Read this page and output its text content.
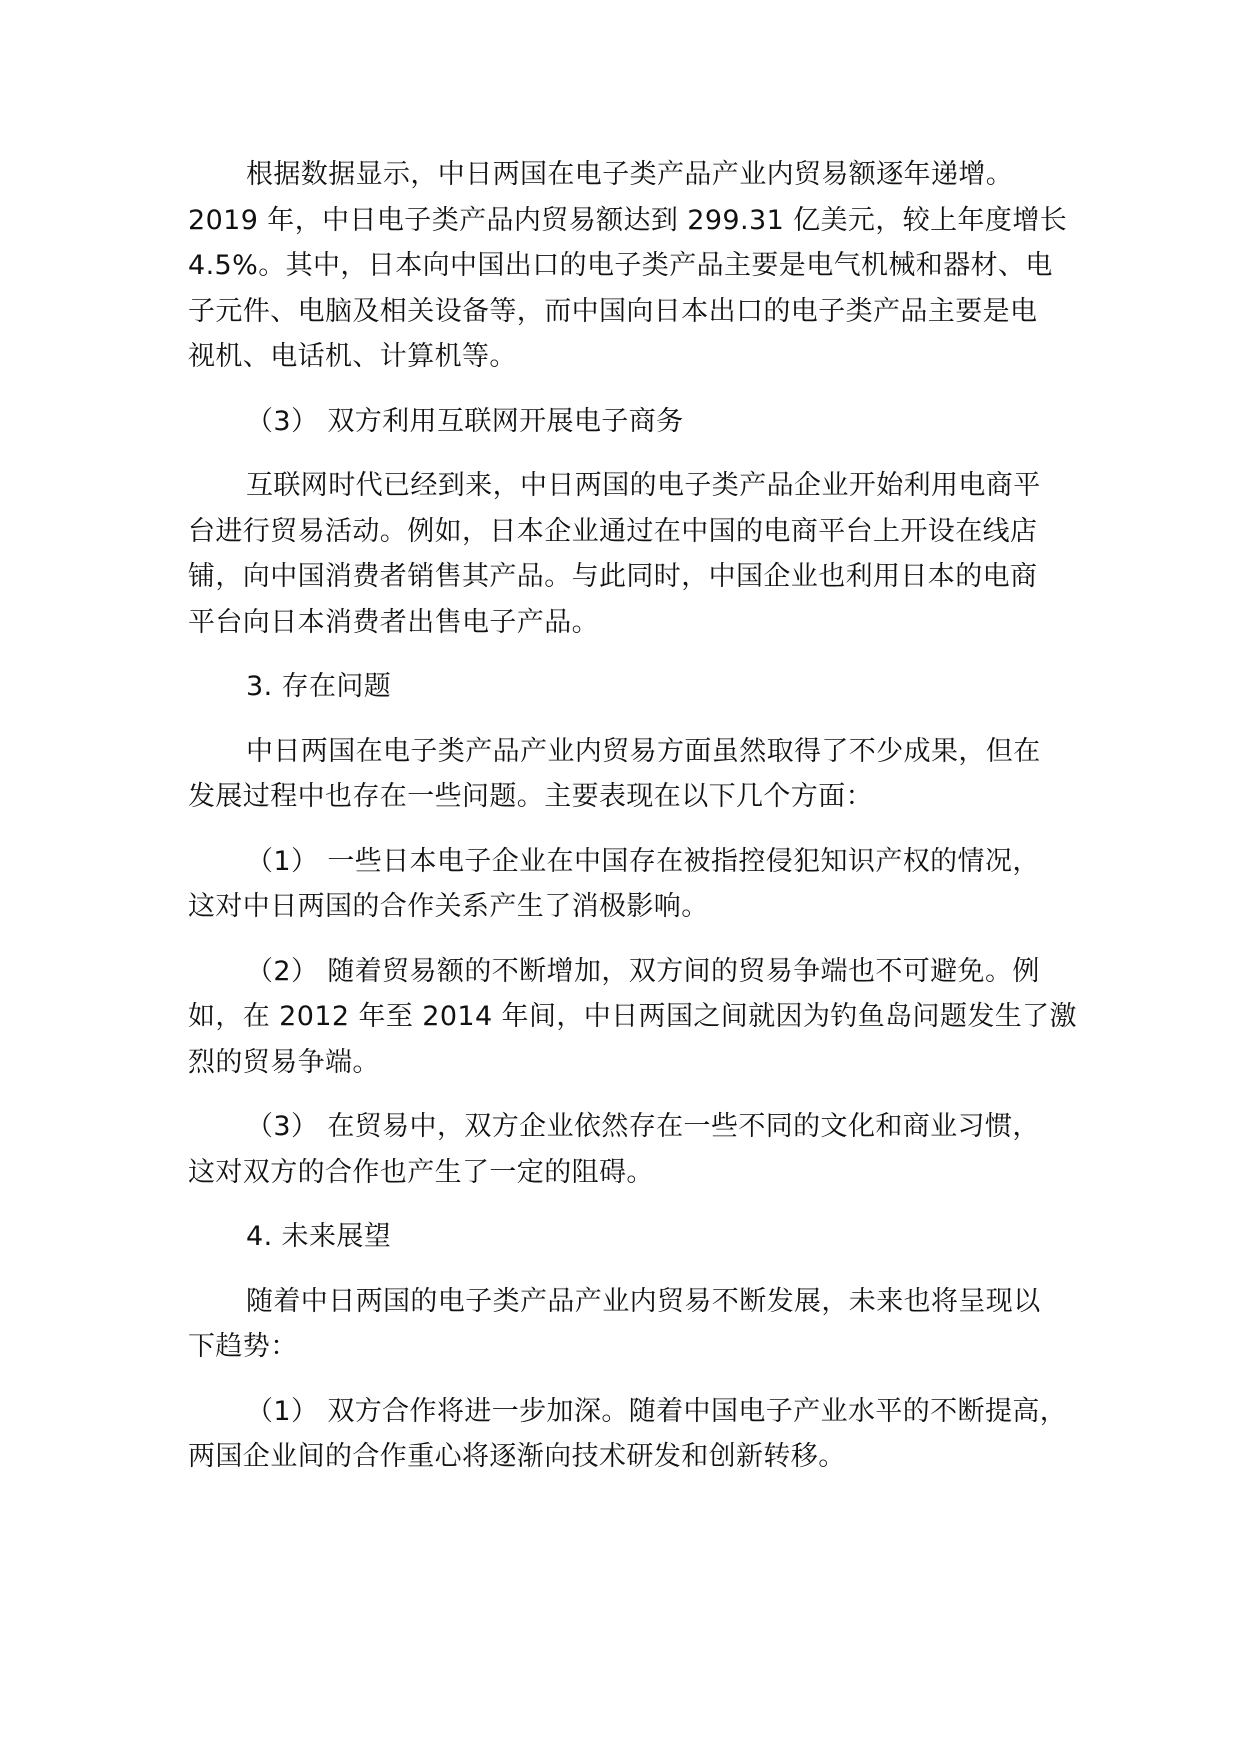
根据数据显示，中日两国在电子类产品产业内贸易额逐年递增。
2019 年，中日电子类产品内贸易额达到 299.31 亿美元，较上年度增长
4.5%。其中，日本向中国出口的电子类产品主要是电气机械和器材、电
子元件、电脑及相关设备等，而中国向日本出口的电子类产品主要是电
视机、电话机、计算机等。

（3） 双方利用互联网开展电子商务

互联网时代已经到来，中日两国的电子类产品企业开始利用电商平
台进行贸易活动。例如，日本企业通过在中国的电商平台上开设在线店
铺，向中国消费者销售其产品。与此同时，中国企业也利用日本的电商
平台向日本消费者出售电子产品。

3. 存在问题

中日两国在电子类产品产业内贸易方面虽然取得了不少成果，但在
发展过程中也存在一些问题。主要表现在以下几个方面：

（1） 一些日本电子企业在中国存在被指控侵犯知识产权的情况，
这对中日两国的合作关系产生了消极影响。

（2） 随着贸易额的不断增加，双方间的贸易争端也不可避免。例
如，在 2012 年至 2014 年间，中日两国之间就因为钓鱼岛问题发生了激
烈的贸易争端。

（3） 在贸易中，双方企业依然存在一些不同的文化和商业习惯，
这对双方的合作也产生了一定的阻碍。

4. 未来展望

随着中日两国的电子类产品产业内贸易不断发展，未来也将呈现以
下趋势：

（1） 双方合作将进一步加深。随着中国电子产业水平的不断提高，
两国企业间的合作重心将逐渐向技术研发和创新转移。
